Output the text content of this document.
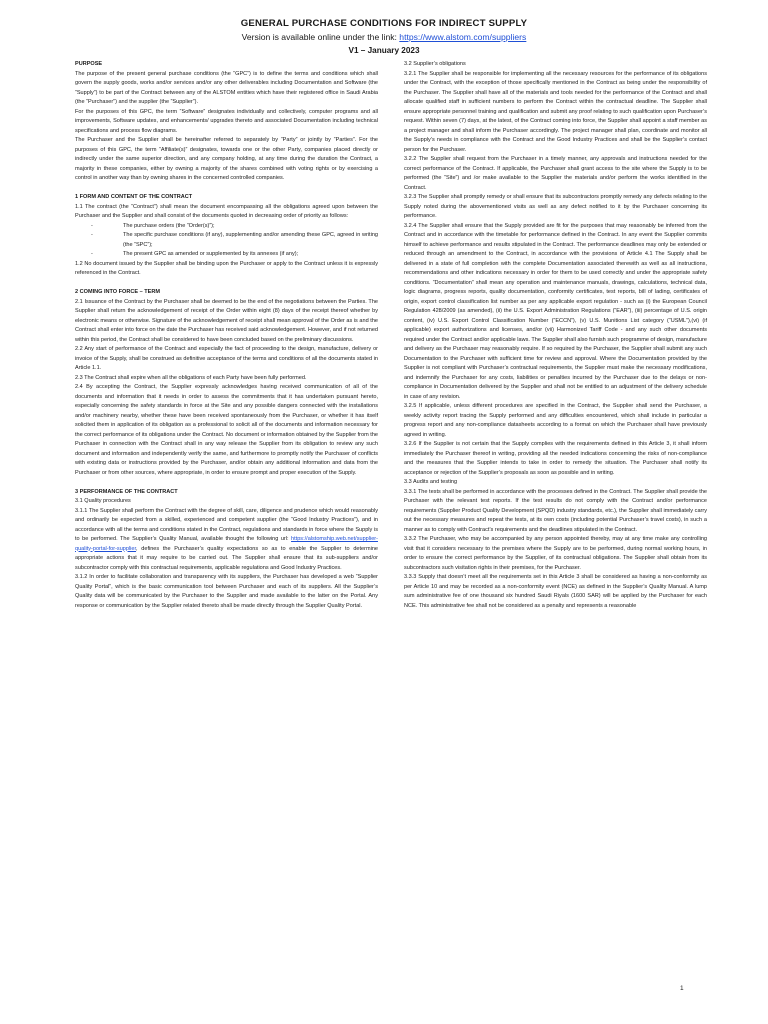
GENERAL PURCHASE CONDITIONS FOR INDIRECT SUPPLY
Version is available online under the link: https://www.alstom.com/suppliers
V1 – January 2023

PURPOSE

The purpose of the present general purchase conditions (the “GPC”) is to define the terms and conditions which shall govern the supply goods, works and/or services and/or any other deliverables including Documentation and Software (the “Supply”) to be part of the Contract between any of the ALSTOM entities which have their registered office in Saudi Arabia (the “Purchaser”) and the supplier (the “Supplier”).

For the purposes of this GPC, the term “Software” designates individually and collectively, computer programs and all improvements, Software updates, and enhancements/ upgrades thereto and associated Documentation including technical specifications and process flow diagrams.

The Purchaser and the Supplier shall be hereinafter referred to separately by “Party” or jointly by “Parties”. For the purposes of this GPC, the term “Affiliate(s)” designates, towards one or the other Party, companies placed directly or indirectly under the same superior direction, and any company holding, at any time during the duration the Contract, a majority in these companies, either by owning a majority of the shares combined with voting rights or by exercising a control in another way than by owning shares in the concerned controlled companies.

1 FORM AND CONTENT OF THE CONTRACT

1.1 The contract (the “Contract”) shall mean the document encompassing all the obligations agreed upon between the Purchaser and the Supplier and shall consist of the documents quoted in decreasing order of priority as follows:

-	The purchase orders (the “Order(s)”);

-	The specific purchase conditions (if any), supplementing and/or amending these GPC, agreed in writing (the “SPC”);

-	The present GPC as amended or supplemented by its annexes (if any);

1.2 No document issued by the Supplier shall be binding upon the Purchaser or apply to the Contract unless it is expressly referenced in the Contract.

2 COMING INTO FORCE – TERM

2.1 Issuance of the Contract by the Purchaser shall be deemed to be the end of the negotiations between the Parties. The Supplier shall return the acknowledgement of receipt of the Order within eight (8) days of the receipt thereof whether by electronic means or otherwise. Signature of the acknowledgement of receipt shall mean approval of the Order as is and the Contract shall enter into force on the date the Purchaser has received said acknowledgement. However, and if not returned within this period, the Contract shall be considered to have been concluded based on the preliminary discussions.

2.2 Any start of performance of the Contract and especially the fact of proceeding to the design, manufacture, delivery or invoice of the Supply, shall be construed as definitive acceptance of the terms and conditions of all the documents stated in Article 1.1.

2.3 The Contract shall expire when all the obligations of each Party have been fully performed.

2.4 By accepting the Contract, the Supplier expressly acknowledges having received communication of all of the documents and information that it needs in order to assess the commitments that it has undertaken pursuant hereto, especially concerning the safety standards in force at the Site and any possible dangers connected with the installations and/or machinery nearby, whether these have been received spontaneously from the Purchaser, or whether it has itself solicited them in application of its obligation as a professional to solicit all of the documents and information necessary for the correct performance of its obligations under the Contract. No document or information obtained by the Supplier from the Purchaser in connection with the Contract shall in any way release the Supplier from its obligation to review any such document and information and independently verify the same, and furthermore to promptly notify the Purchaser of conflicts with existing data or instructions provided by the Purchaser, and/or obtain any additional information and data from the Purchaser or from other sources, where appropriate, in order to ensure prompt and proper execution of the Supply.

3 PERFORMANCE OF THE CONTRACT

3.1 Quality procedures

3.1.1 The Supplier shall perform the Contract with the degree of skill, care, diligence and prudence which would reasonably and ordinarily be expected from a skilled, experienced and competent supplier (the “Good Industry Practices”), and in accordance with all the terms and conditions stated in the Contract, regulations and standards in force where the Supply is to be performed. The Supplier’s Quality Manual, available thought the following url: https://alstomship.web.net/supplier-quality-portal-for-supplier, defines the Purchaser’s quality expectations so as to enable the Supplier to determine appropriate actions that it may require to be carried out. The Supplier shall ensure that its sub-suppliers and/or subcontractor comply with this contractual requirements, applicable regulations and Good Industry Practices.

3.1.2 In order to facilitate collaboration and transparency with its suppliers, the Purchaser has developed a web “Supplier Quality Portal”, which is the basic communication tool between Purchaser and each of its suppliers. All the Supplier’s Quality data will be communicated by the Purchaser to the Supplier and made available to the latter on the Portal. Any response or communication by the Supplier related thereto shall be made directly through the Supplier Quality Portal.

3.2 Supplier’s obligations

3.2.1 The Supplier shall be responsible for implementing all the necessary resources for the performance of its obligations under the Contract, with the exception of those specifically mentioned in the Contract as being under the responsibility of the Purchaser. The Supplier shall have all of the materials and tools needed for the performance of the Contract and shall allocate qualified staff in sufficient numbers to perform the Contract within the contractual deadline. The Supplier shall ensure appropriate personnel training and qualification and submit any proof relating to such qualification upon Purchaser’s request. Within seven (7) days, at the latest, of the Contract coming into force, the Supplier shall appoint a staff member as a project manager and shall inform the Purchaser accordingly. The project manager shall plan, coordinate and monitor all the Supply’s needs in compliance with the Contract and the Good Industry Practices and shall be the Supplier’s contact person for the Purchaser.

3.2.2 The Supplier shall request from the Purchaser in a timely manner, any approvals and instructions needed for the correct performance of the Contract. If applicable, the Purchaser shall grant access to the site where the Supply is to be performed (the “Site”) and /or make available to the Supplier the materials and/or perform the works identified in the Contract.

3.2.3 The Supplier shall promptly remedy or shall ensure that its subcontractors promptly remedy any defects relating to the Supply noted during the abovementioned visits as well as any defect notified to it by the Purchaser concerning its performance.

3.2.4 The Supplier shall ensure that the Supply provided are fit for the purposes that may reasonably be inferred from the Contract and in accordance with the timetable for performance defined in the Contract. In any event the Supplier commits himself to achieve performance and results stipulated in the Contract. The performance deadlines may only be extended or reduced through an amendment to the Contract, in accordance with the provisions of Article 4.1 The Supply shall be delivered in a state of full completion with the complete Documentation associated therewith as well as all instructions, recommendations and other indications necessary in order for them to be used correctly and under the appropriate safety conditions. “Documentation” shall mean any operation and maintenance manuals, drawings, calculations, technical data, logic diagrams, progress reports, quality documentation, conformity certificates, test reports, bill of lading, certificates of origin, export control classification list number as per any applicable export regulation - such as (i) the European Council Regulation 428/2009 (as amended), (ii) the U.S. Export Administration Regulations (“EAR”), (iii) percentage of U.S. origin content, (iv) U.S. Export Control Classification Number (“ECCN”), (v) U.S. Munitions List category (“USML”),(vi) (if applicable) export authorizations and licenses, and/or (vii) Harmonized Tariff Code - and any such other documents required under the Contract and/or applicable laws. The Supplier shall also furnish such programme of design, manufacture and delivery as the Purchaser may reasonably require. If so required by the Purchaser, the Supplier shall submit any such Documentation to the Purchaser with sufficient time for review and approval. Where the Documentation provided by the Supplier is not compliant with Purchaser’s contractual requirements, the Supplier must make the necessary modifications, and indemnify the Purchaser for any costs, liabilities or penalties incurred by the Purchaser due to the delays or non-compliance in Documentation delivered by the Supplier and shall not be entitled to an adjustment of the delivery schedule in case of any revision.

3.2.5 If applicable, unless different procedures are specified in the Contract, the Supplier shall send the Purchaser, a weekly activity report tracing the Supply performed and any difficulties encountered, which shall include in particular a progress report and any non-compliance datasheets according to a format on which the Purchaser shall have previously agreed in writing.

3.2.6 If the Supplier is not certain that the Supply complies with the requirements defined in this Article 3, it shall inform immediately the Purchaser thereof in writing, providing all the needed indications concerning the risks of non-compliance and the measures that the Supplier intends to take in order to remedy the situation. The Purchaser shall notify its acceptance or rejection of the Supplier’s proposals as soon as possible and in writing.

3.3 Audits and testing

3.3.1 The tests shall be performed in accordance with the processes defined in the Contract. The Supplier shall provide the Purchaser with the relevant test reports. If the test results do not comply with the Contract and/or performance requirements (Supplier Product Quality Development (SPQD) industry standards, etc.), the Supplier shall immediately carry out the necessary measures and repeat the tests, at its own costs (including potential Purchaser’s travel costs), in such a manner as to comply with Contract’s requirements and the deadlines stipulated in the Contract.

3.3.2 The Purchaser, who may be accompanied by any person appointed thereby, may at any time make any controlling visit that it considers necessary to the premises where the Supply are to be performed, during normal working hours, in order to ensure the correct performance by the Supplier, of its contractual obligations. The Supplier shall obtain from its subcontractors such visitation rights in their premises, for the Purchaser.

3.3.3 Supply that doesn’t meet all the requirements set in this Article 3 shall be considered as having a non-conformity as per Article 10 and may be recorded as a non-conformity event (NCE) as defined in the Supplier’s Quality Manual. A lump sum administrative fee of one thousand six hundred Saudi Riyals (1600 SAR) will be applied by the Purchaser for each NCE. This administrative fee shall not be considered as a penalty and represents a reasonable

1
